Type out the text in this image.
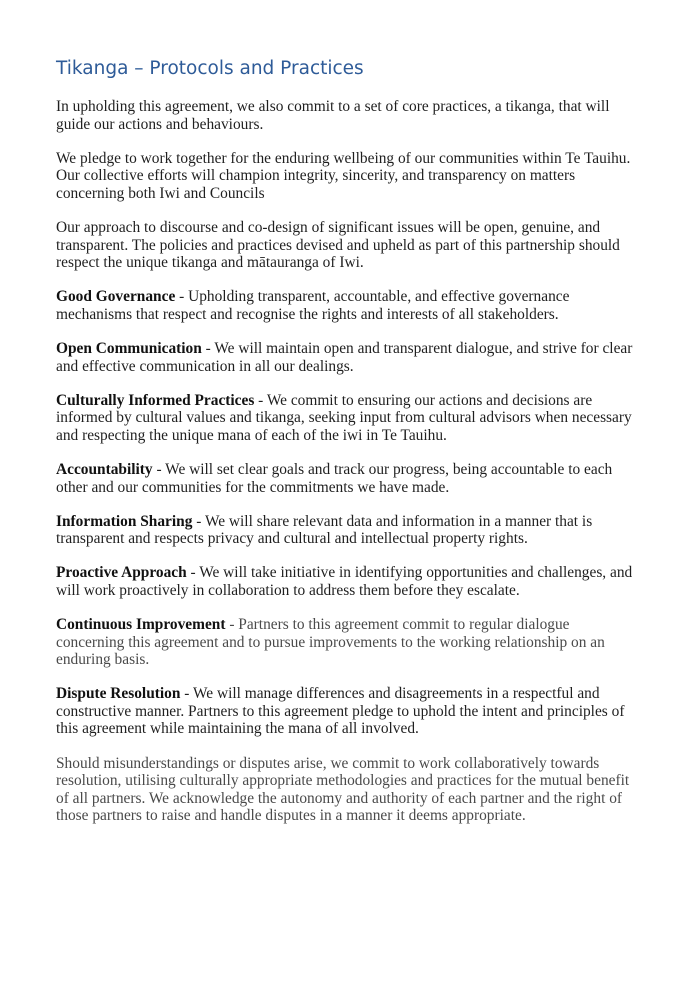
Tikanga – Protocols and Practices

In upholding this agreement, we also commit to a set of core practices, a tikanga, that will guide our actions and behaviours.

We pledge to work together for the enduring wellbeing of our communities within Te Tauihu. Our collective efforts will champion integrity, sincerity, and transparency on matters concerning both Iwi and Councils

Our approach to discourse and co-design of significant issues will be open, genuine, and transparent. The policies and practices devised and upheld as part of this partnership should respect the unique tikanga and mātauranga of Iwi.

Good Governance - Upholding transparent, accountable, and effective governance mechanisms that respect and recognise the rights and interests of all stakeholders.

Open Communication - We will maintain open and transparent dialogue, and strive for clear and effective communication in all our dealings.

Culturally Informed Practices - We commit to ensuring our actions and decisions are informed by cultural values and tikanga, seeking input from cultural advisors when necessary and respecting the unique mana of each of the iwi in Te Tauihu.

Accountability - We will set clear goals and track our progress, being accountable to each other and our communities for the commitments we have made.

Information Sharing - We will share relevant data and information in a manner that is transparent and respects privacy and cultural and intellectual property rights.

Proactive Approach - We will take initiative in identifying opportunities and challenges, and will work proactively in collaboration to address them before they escalate.

Continuous Improvement - Partners to this agreement commit to regular dialogue concerning this agreement and to pursue improvements to the working relationship on an enduring basis.

Dispute Resolution - We will manage differences and disagreements in a respectful and constructive manner. Partners to this agreement pledge to uphold the intent and principles of this agreement while maintaining the mana of all involved.

Should misunderstandings or disputes arise, we commit to work collaboratively towards resolution, utilising culturally appropriate methodologies and practices for the mutual benefit of all partners. We acknowledge the autonomy and authority of each partner and the right of those partners to raise and handle disputes in a manner it deems appropriate.
